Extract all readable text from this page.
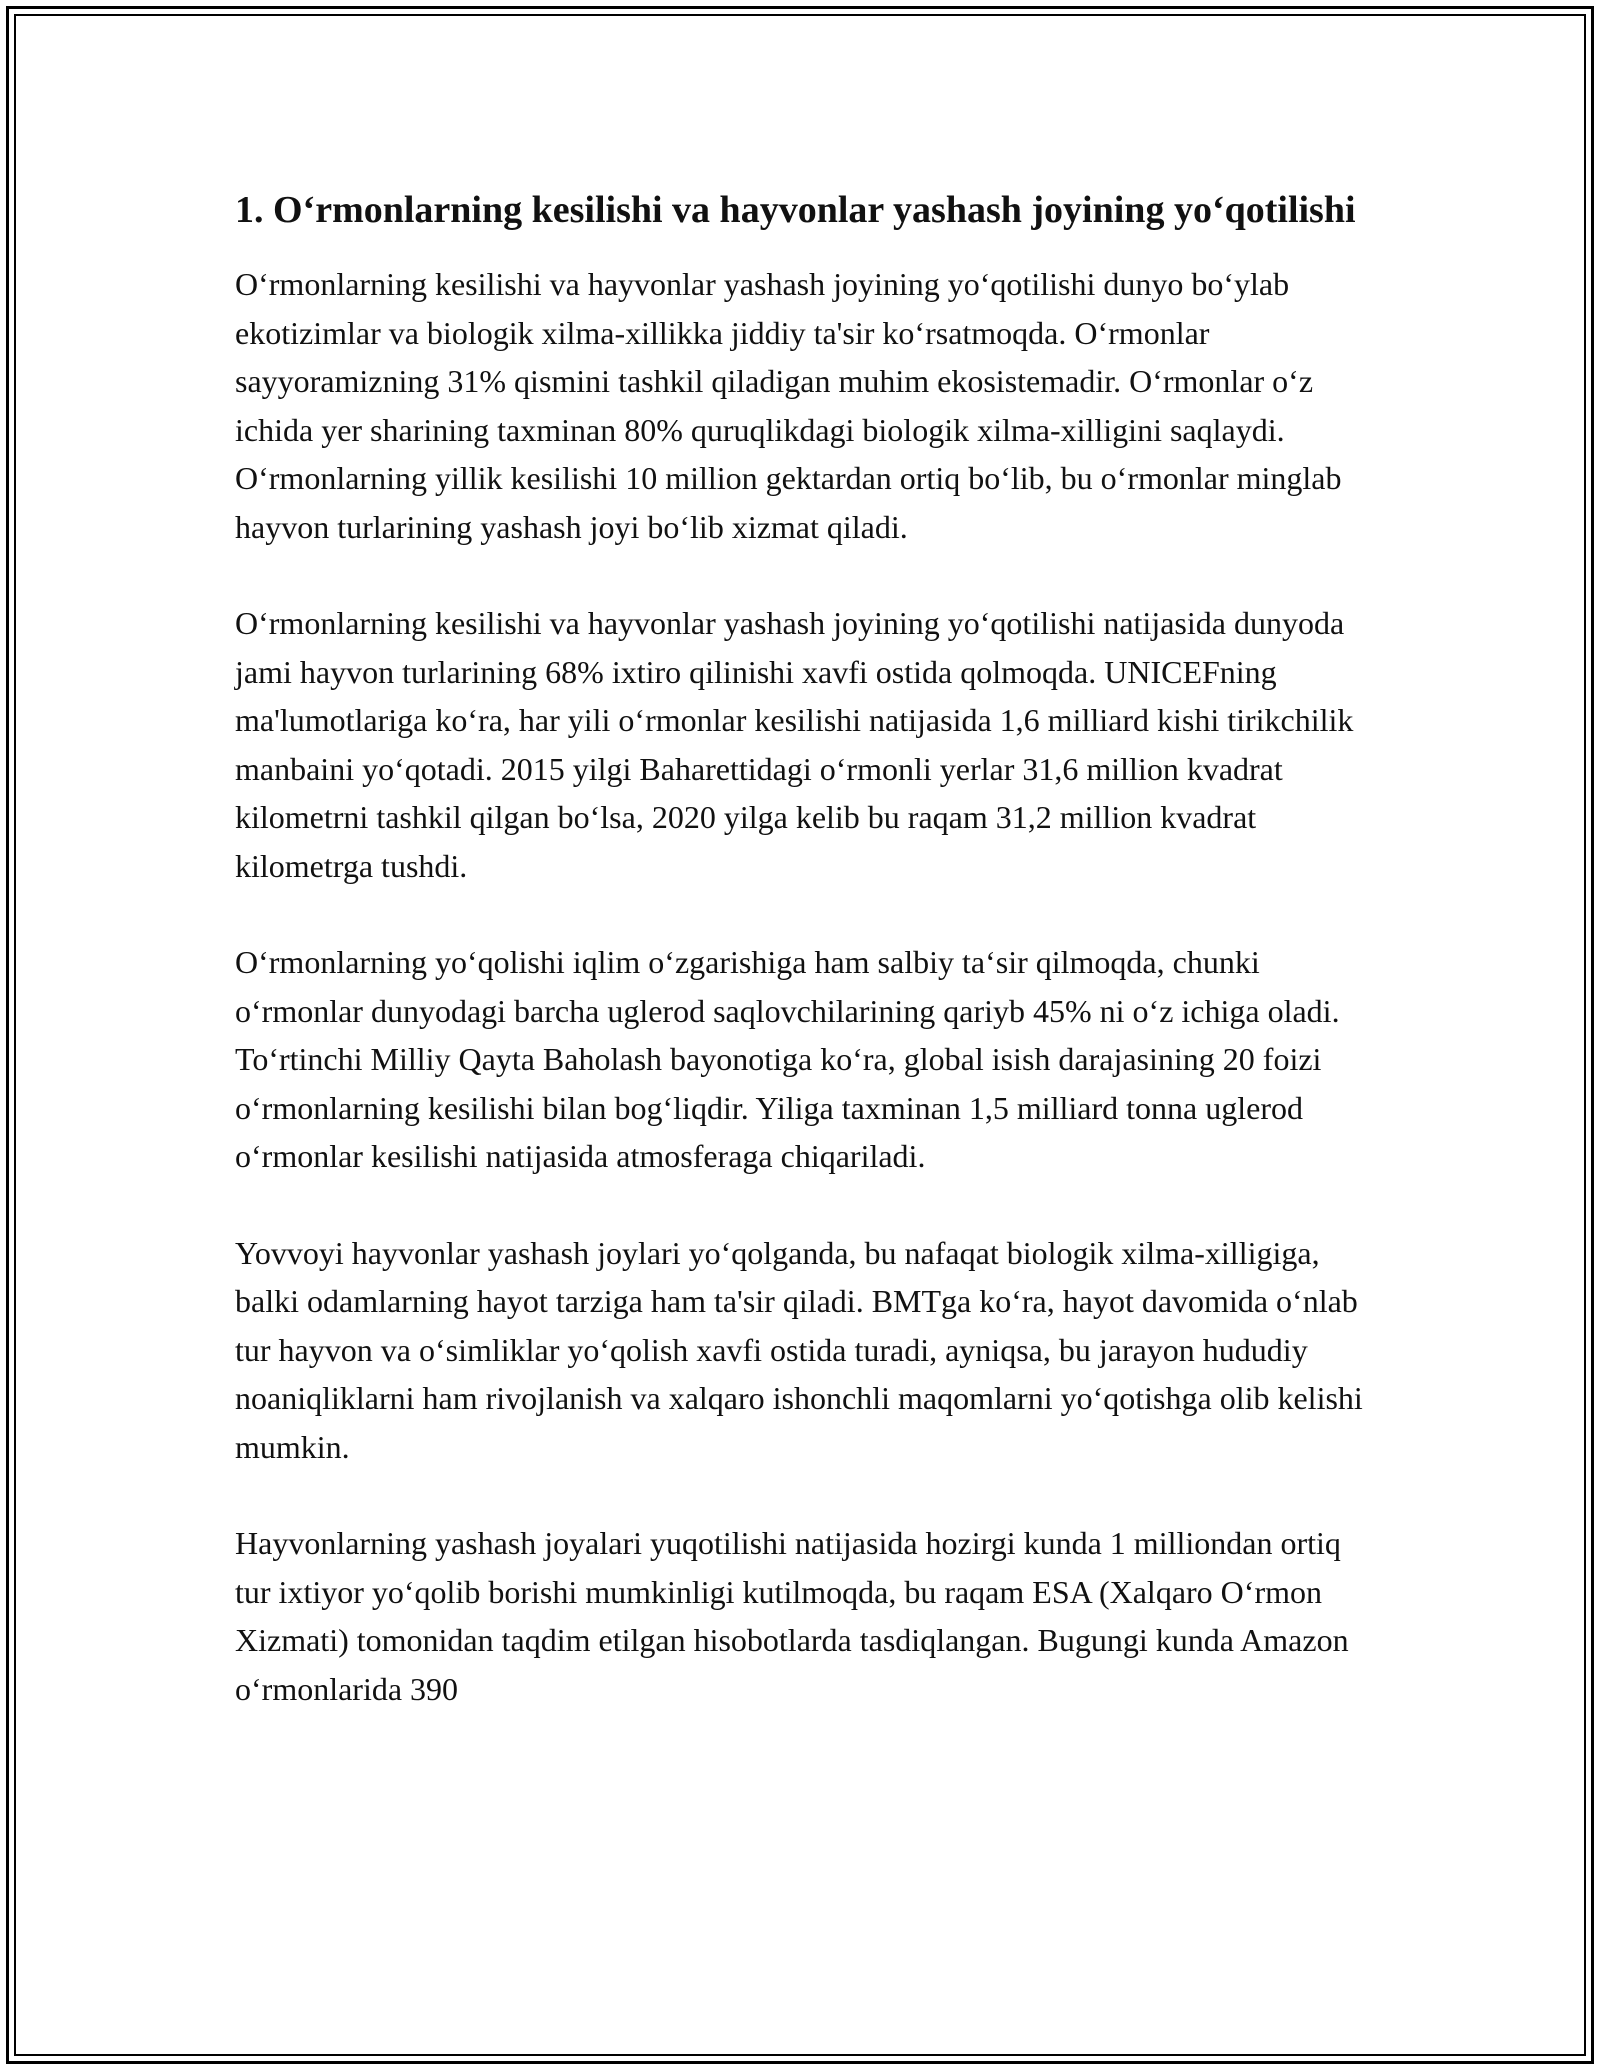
1. O‘rmonlarning kesilishi va hayvonlar yashash joyining yo‘qotilishi

O‘rmonlarning kesilishi va hayvonlar yashash joyining yo‘qotilishi dunyo bo‘ylab ekotizimlar va biologik xilma-xillikka jiddiy ta'sir ko‘rsatmoqda. O‘rmonlar sayyoramizning 31% qismini tashkil qiladigan muhim ekosistemadir. O‘rmonlar o‘z ichida yer sharining taxminan 80% quruqlikdagi biologik xilma-xilligini saqlaydi. O‘rmonlarning yillik kesilishi 10 million gektardan ortiq bo‘lib, bu o‘rmonlar minglab hayvon turlarining yashash joyi bo‘lib xizmat qiladi.

O‘rmonlarning kesilishi va hayvonlar yashash joyining yo‘qotilishi natijasida dunyoda jami hayvon turlarining 68% ixtiro qilinishi xavfi ostida qolmoqda. UNICEFning ma'lumotlariga ko‘ra, har yili o‘rmonlar kesilishi natijasida 1,6 milliard kishi tirikchilik manbaini yo‘qotadi. 2015 yilgi Baharettidagi o‘rmonli yerlar 31,6 million kvadrat kilometrni tashkil qilgan bo‘lsa, 2020 yilga kelib bu raqam 31,2 million kvadrat kilometrga tushdi.

O‘rmonlarning yo‘qolishi iqlim o‘zgarishiga ham salbiy ta‘sir qilmoqda, chunki o‘rmonlar dunyodagi barcha uglerod saqlovchilarining qariyb 45% ni o‘z ichiga oladi. To‘rtinchi Milliy Qayta Baholash bayonotiga ko‘ra, global isish darajasining 20 foizi o‘rmonlarning kesilishi bilan bog‘liqdir. Yiliga taxminan 1,5 milliard tonna uglerod o‘rmonlar kesilishi natijasida atmosferaga chiqariladi.

Yovvoyi hayvonlar yashash joylari yo‘qolganda, bu nafaqat biologik xilma-xilligiga, balki odamlarning hayot tarziga ham ta'sir qiladi. BMTga ko‘ra, hayot davomida o‘nlab tur hayvon va o‘simliklar yo‘qolish xavfi ostida turadi, ayniqsa, bu jarayon hududiy noaniqliklarni ham rivojlanish va xalqaro ishonchli maqomlarni yo‘qotishga olib kelishi mumkin.

Hayvonlarning yashash joyalari yuqotilishi natijasida hozirgi kunda 1 milliondan ortiq tur ixtiyor yo‘qolib borishi mumkinligi kutilmoqda, bu raqam ESA (Xalqaro O‘rmon Xizmati) tomonidan taqdim etilgan hisobotlarda tasdiqlangan. Bugungi kunda Amazon o‘rmonlarida 390
